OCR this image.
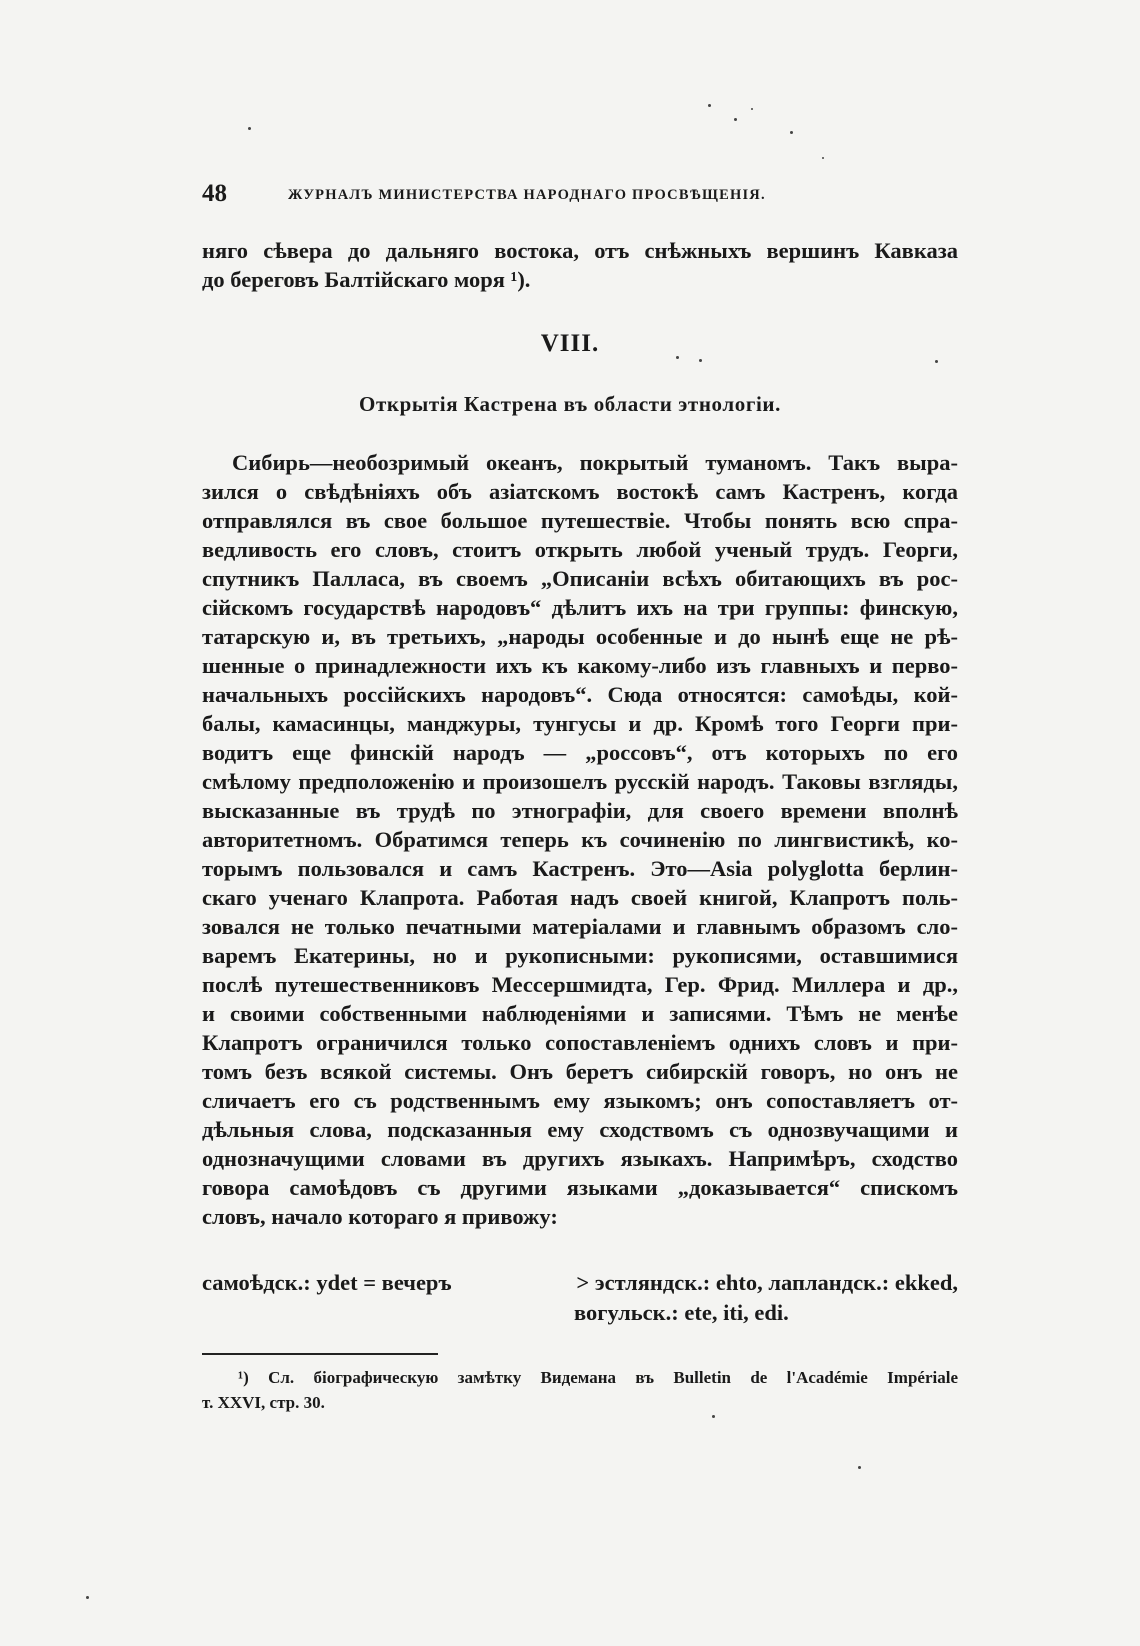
48	ЖУРНАЛЪ МИНИСТЕРСТВА НАРОДНАГО ПРОСВѢЩЕНІЯ.
няго сѣвера до дальняго востока, отъ снѣжныхъ вершинъ Кавказа
до береговъ Балтійскаго моря ¹).
VIII.
Открытія Кастрена въ области этнологіи.
Сибирь—необозримый океанъ, покрытый туманомъ. Такъ выра-
зился о свѣдѣніяхъ объ азіатскомъ востокѣ самъ Кастренъ, когда
отправлялся въ свое большое путешествіе. Чтобы понять всю спра-
ведливость его словъ, стоитъ открыть любой ученый трудъ. Георги,
спутникъ Палласа, въ своемъ „Описаніи всѣхъ обитающихъ въ рос-
сійскомъ государствѣ народовъ“ дѣлитъ ихъ на три группы: финскую,
татарскую и, въ третьихъ, „народы особенные и до нынѣ еще не рѣ-
шенные о принадлежности ихъ къ какому-либо изъ главныхъ и перво-
начальныхъ россійскихъ народовъ“. Сюда относятся: самоѣды, кой-
балы, камасинцы, манджуры, тунгусы и др. Кромѣ того Георги при-
водитъ еще финскій народъ — „россовъ“, отъ которыхъ по его
смѣлому предположенію и произошелъ русскій народъ. Таковы взгляды,
высказанные въ трудѣ по этнографіи, для своего времени вполнѣ
авторитетномъ. Обратимся теперь къ сочиненію по лингвистикѣ, ко-
торымъ пользовался и самъ Кастренъ. Это—Asia polyglotta берлин-
скаго ученаго Клапрота. Работая надъ своей книгой, Клапротъ поль-
зовался не только печатными матеріалами и главнымъ образомъ сло-
варемъ Екатерины, но и рукописными: рукописями, оставшимися
послѣ путешественниковъ Мессершмидта, Гер. Фрид. Миллера и др.,
и своими собственными наблюденіями и записями. Тѣмъ не менѣе
Клапротъ ограничился только сопоставленіемъ однихъ словъ и при-
томъ безъ всякой системы. Онъ беретъ сибирскій говоръ, но онъ не
сличаетъ его съ родственнымъ ему языкомъ; онъ сопоставляетъ от-
дѣльныя слова, подсказанныя ему сходствомъ съ однозвучащими и
однозначущими словами въ другихъ языкахъ. Напримѣръ, сходство
говора самоѣдовъ съ другими языками „доказывается“ спискомъ
словъ, начало котораго я привожу:
самоѣдск.: ydet = вечеръ	> эстляндск.: ehto, лапландск.: ekked,
вогульск.: ete, iti, edi.
¹) Сл. біографическую замѣтку Видемана въ Bulletin de l'Académie Impériale
т. XXVI, стр. 30.
